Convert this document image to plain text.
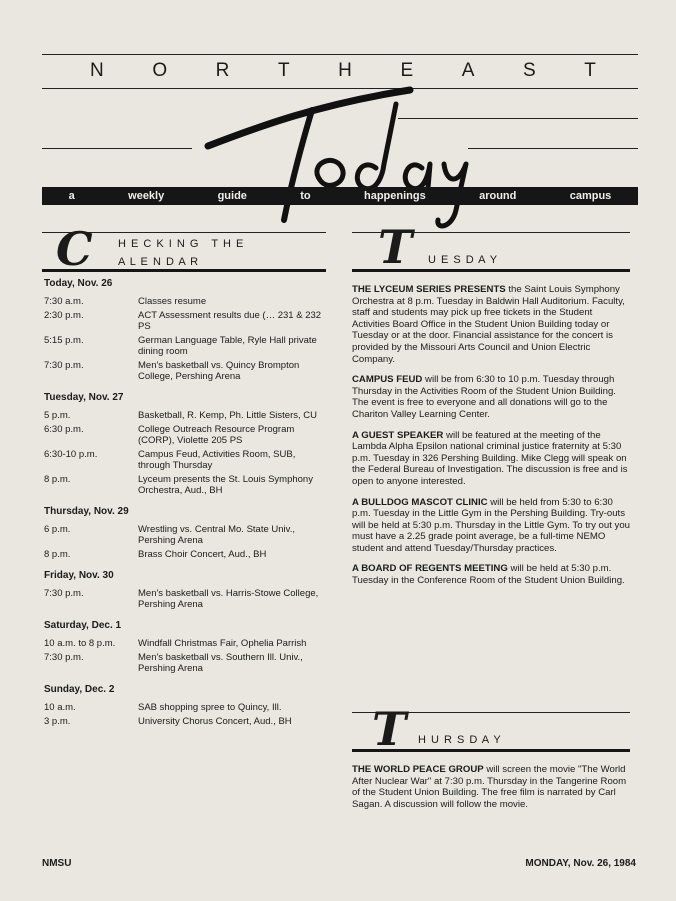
N O R T H E A S T
a	weekly	guide	to	happenings	around	campus
C H E C K I N G   T H E
A L E N D A R
Today, Nov. 26
7:30 a.m.	Classes resume
2:30 p.m.	ACT Assessment results due (… 231 & 232 PS
5:15 p.m.	German Language Table, Ryle Hall private dining room
7:30 p.m.	Men's basketball vs. Quincy Brompton College, Pershing Arena
Tuesday, Nov. 27
5 p.m.	Basketball, R. Kemp, Ph. Little Sisters, CU
6:30 p.m.	College Outreach Resource Program (CORP), Violette 205 PS
6:30-10 p.m.	Campus Feud, Activities Room, SUB, through Thursday
8 p.m.	Lyceum presents the St. Louis Symphony Orchestra, Aud., BH
Thursday, Nov. 29
6 p.m.	Wrestling vs. Central Mo. State Univ., Pershing Arena
8 p.m.	Brass Choir Concert, Aud., BH
Friday, Nov. 30
7:30 p.m.	Men's basketball vs. Harris-Stowe College, Pershing Arena
Saturday, Dec. 1
10 a.m. to 8 p.m.	Windfall Christmas Fair, Ophelia Parrish
7:30 p.m.	Men's basketball vs. Southern Ill. Univ., Pershing Arena
Sunday, Dec. 2
10 a.m.	SAB shopping spree to Quincy, Ill.
3 p.m.	University Chorus Concert, Aud., BH
T U E S D A Y

THE LYCEUM SERIES PRESENTS the Saint Louis Symphony Orchestra at 8 p.m. Tuesday in Baldwin Hall Auditorium. Faculty, staff and students may pick up free tickets in the Student Activities Board Office in the Student Union Building today or Tuesday or at the door. Financial assistance for the concert is provided by the Missouri Arts Council and Union Electric Company.

CAMPUS FEUD will be from 6:30 to 10 p.m. Tuesday through Thursday in the Activities Room of the Student Union Building. The event is free to everyone and all donations will go to the Chariton Valley Learning Center.

A GUEST SPEAKER will be featured at the meeting of the Lambda Alpha Epsilon national criminal justice fraternity at 5:30 p.m. Tuesday in 326 Pershing Building. Mike Clegg will speak on the Federal Bureau of Investigation. The discussion is free and is open to anyone interested.

A BULLDOG MASCOT CLINIC will be held from 5:30 to 6:30 p.m. Tuesday in the Little Gym in the Pershing Building. Try-outs will be held at 5:30 p.m. Thursday in the Little Gym. To try out you must have a 2.25 grade point average, be a full-time NEMO student and attend Tuesday/Thursday practices.

A BOARD OF REGENTS MEETING will be held at 5:30 p.m. Tuesday in the Conference Room of the Student Union Building.

T H U R S D A Y

THE WORLD PEACE GROUP will screen the movie "The World After Nuclear War" at 7:30 p.m. Thursday in the Tangerine Room of the Student Union Building. The free film is narrated by Carl Sagan. A discussion will follow the movie.

NMSU	MONDAY, Nov. 26, 1984
